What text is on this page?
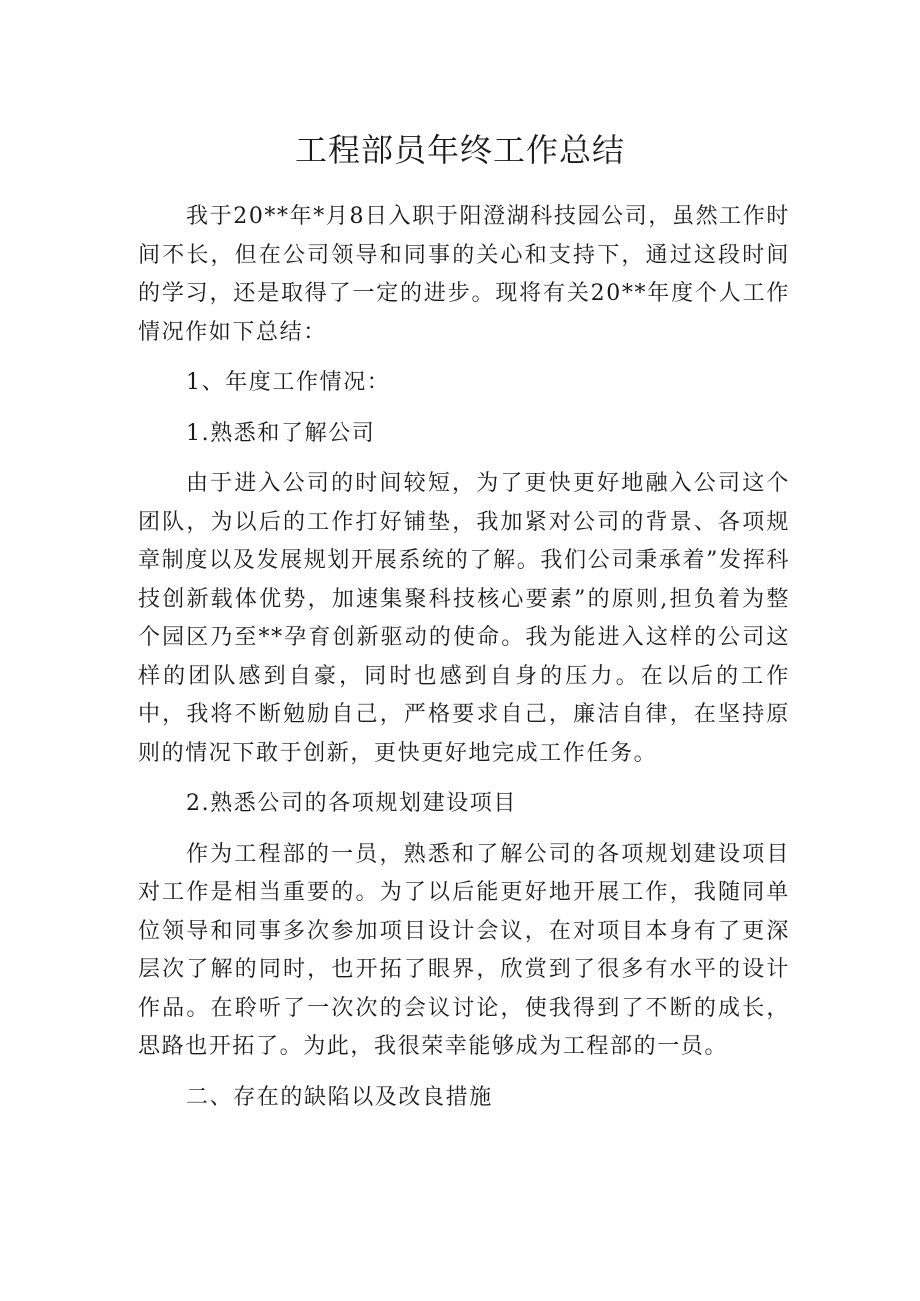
工程部员年终工作总结

我于20**年*月8日入职于阳澄湖科技园公司，虽然工作时间不长，但在公司领导和同事的关心和支持下，通过这段时间的学习，还是取得了一定的进步。现将有关20**年度个人工作情况作如下总结：

1、年度工作情况：

1.熟悉和了解公司

由于进入公司的时间较短，为了更快更好地融入公司这个团队，为以后的工作打好铺垫，我加紧对公司的背景、各项规章制度以及发展规划开展系统的了解。我们公司秉承着”发挥科技创新载体优势，加速集聚科技核心要素”的原则,担负着为整个园区乃至**孕育创新驱动的使命。我为能进入这样的公司这样的团队感到自豪，同时也感到自身的压力。在以后的工作中，我将不断勉励自己，严格要求自己，廉洁自律，在坚持原则的情况下敢于创新，更快更好地完成工作任务。

2.熟悉公司的各项规划建设项目

作为工程部的一员，熟悉和了解公司的各项规划建设项目对工作是相当重要的。为了以后能更好地开展工作，我随同单位领导和同事多次参加项目设计会议，在对项目本身有了更深层次了解的同时，也开拓了眼界，欣赏到了很多有水平的设计作品。在聆听了一次次的会议讨论，使我得到了不断的成长，思路也开拓了。为此，我很荣幸能够成为工程部的一员。

二、存在的缺陷以及改良措施
